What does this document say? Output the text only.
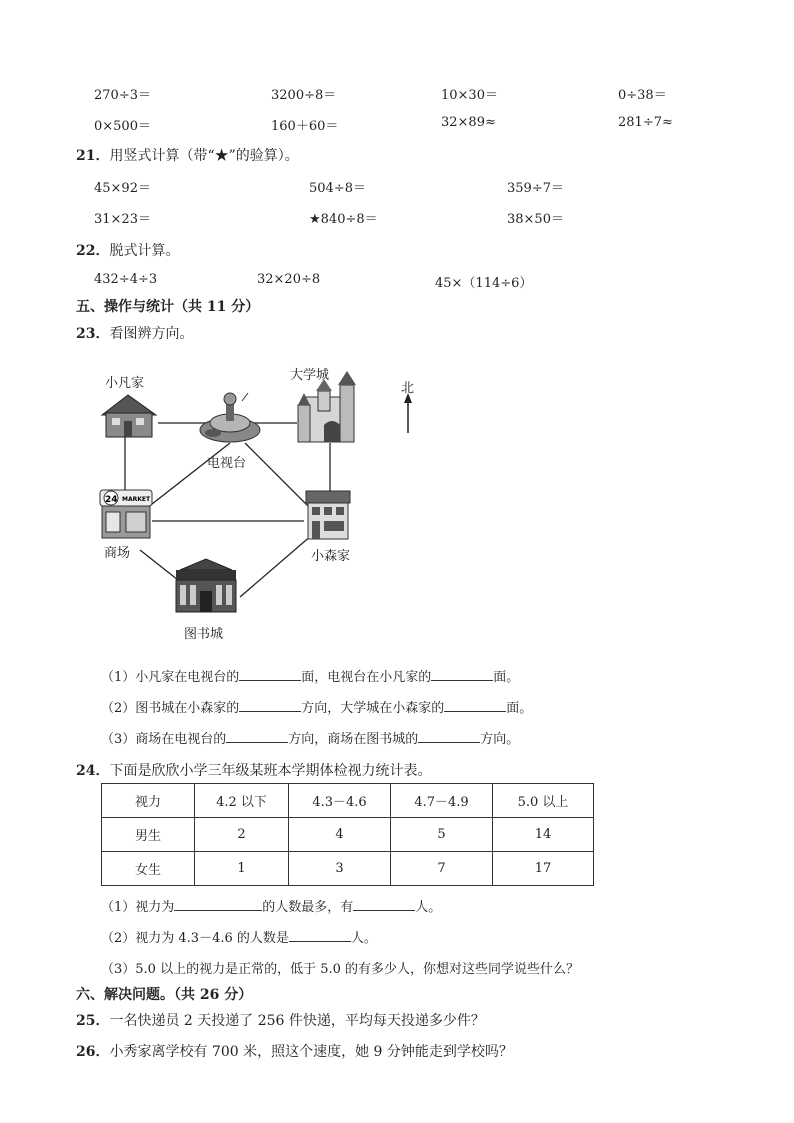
270÷3＝	3200÷8＝	10×30＝	0÷38＝
0×500＝	160＋60＝	32×89≈	281÷7≈
21．用竖式计算（带“★”的验算）。
45×92＝	504÷8＝	359÷7＝
31×23＝	★840÷8＝	38×50＝
22．脱式计算。
432÷4÷3	32×20÷8	45×（114÷6）
五、操作与统计（共 11 分）
23．看图辨方向。
24 MARKET
小凡家
大学城
北
电视台
商场	小森家
图书城
（1）小凡家在电视台的	面，电视台在小凡家的	面。
（2）图书城在小森家的	方向，大学城在小森家的	面。
（3）商场在电视台的	方向，商场在图书城的	方向。
24．下面是欣欣小学三年级某班本学期体检视力统计表。
视力	4.2 以下	4.3－4.6	4.7－4.9	5.0 以上
男生	2	4	5	14
女生	1	3	7	17
（1）视力为	的人数最多，有	人。
（2）视力为 4.3－4.6 的人数是	人。
（3）5.0 以上的视力是正常的，低于 5.0 的有多少人，你想对这些同学说些什么？
六、解决问题。（共 26 分）
25．一名快递员 2 天投递了 256 件快递，平均每天投递多少件？
26．小秀家离学校有 700 米，照这个速度，她 9 分钟能走到学校吗？
